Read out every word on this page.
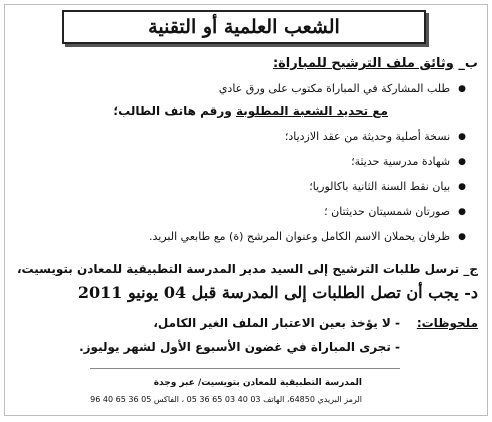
الشعب العلمية أو التقنية
ب_ وثائق ملف الترشيح للمباراة:
●
طلب المشاركة في المباراة مكتوب على ورق عادي
مع تحديد الشعبة المطلوبة ورقم هاتف الطالب؛
●
نسخة أصلية وحديثة من عقد الازدياد؛
●
شهادة مدرسية حديثة؛
●
بيان نقط السنة الثانية باكالوريا؛
●
صورتان شمسيتان حديثتان ؛
●
ظرفان يحملان الاسم الكامل وعنوان المرشح (ة) مع طابعي البريد.
ج_ ترسل طلبات الترشيح إلى السيد مدير المدرسة التطبيقية للمعادن بتويسيت،
د- يجب أن تصل الطلبات إلى المدرسة قبل 04 يونيو 2011
ملحوظات:
- لا يؤخذ بعين الاعتبار الملف الغير الكامل،
- تجرى المباراة في غضون الأسبوع الأول لشهر يوليوز.
المدرسة التطبيقية للمعادن بتويسيت/ عبر وجدة
الرمز البريدي 64850، الهاتف 03 40 03 65 36 05 ، الفاكس 05 36 65 40 96
